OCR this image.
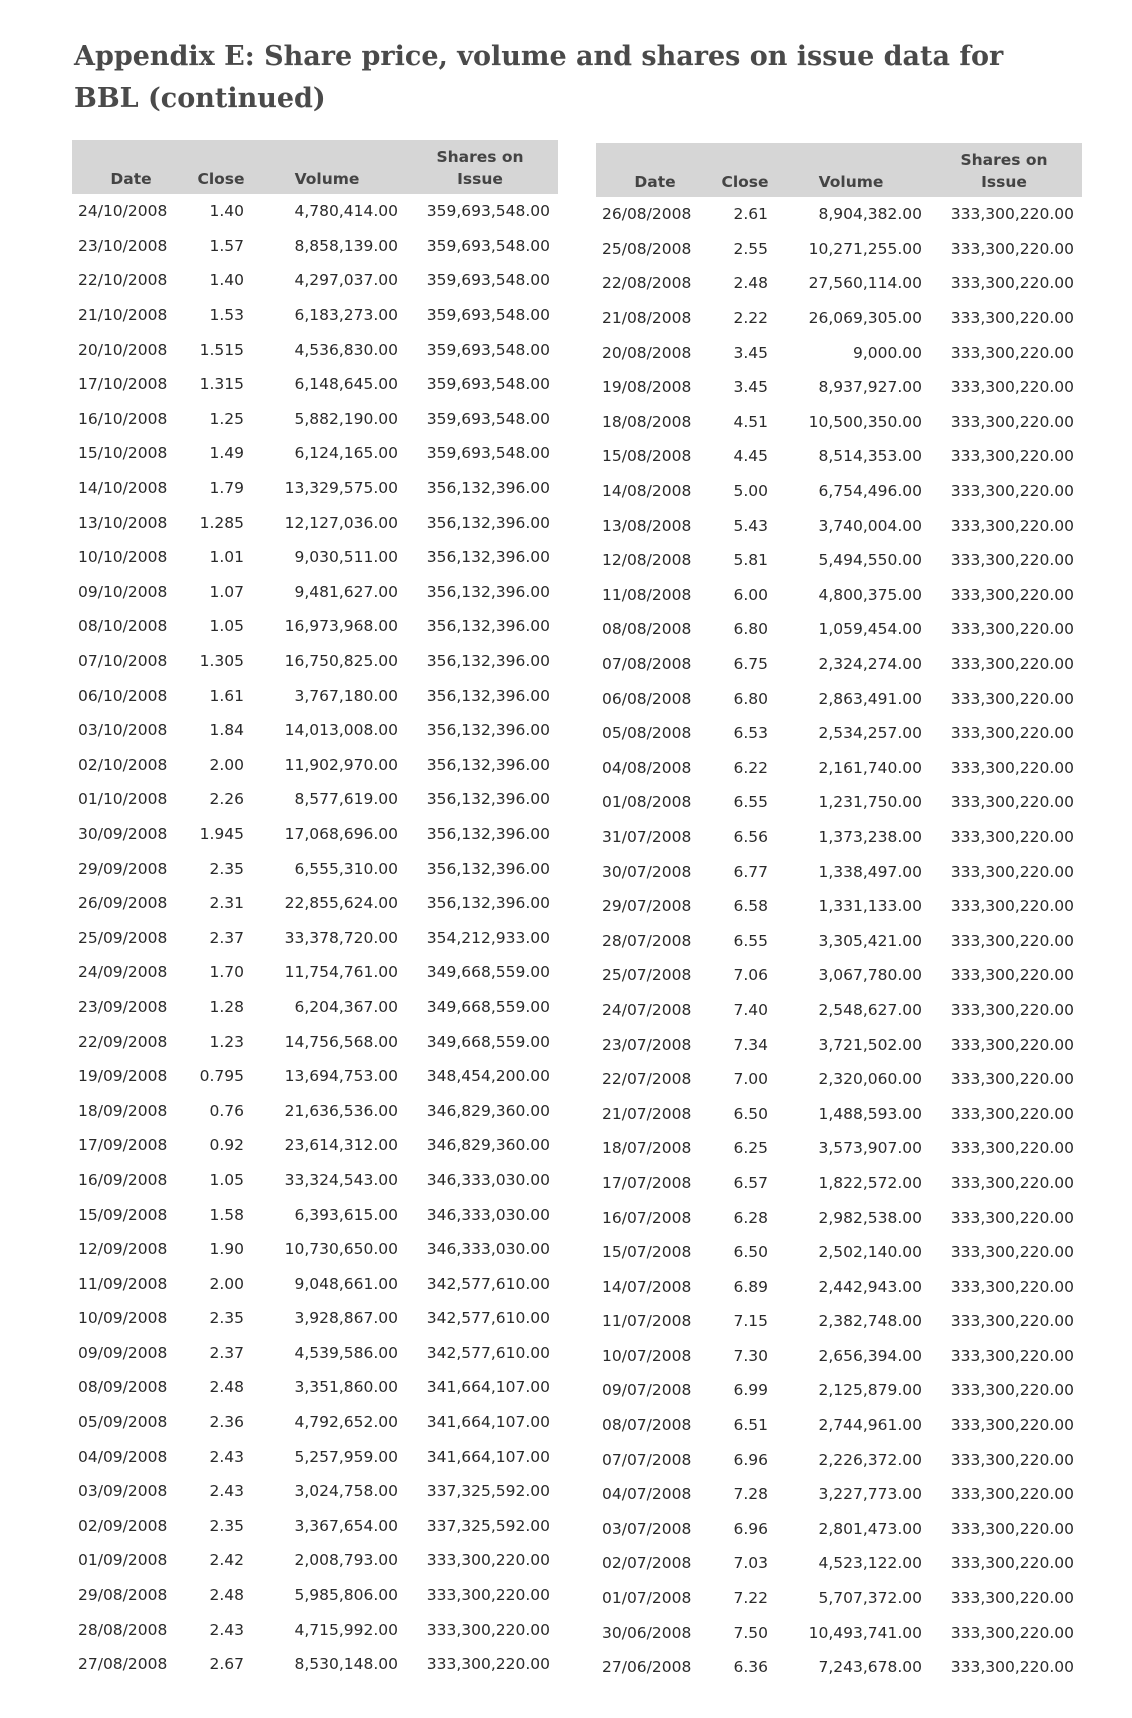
Appendix E: Share price, volume and shares on issue data for BBL (continued)
Date	Close	Volume	Shares on
Issue
24/10/2008	1.40	4,780,414.00	359,693,548.00
23/10/2008	1.57	8,858,139.00	359,693,548.00
22/10/2008	1.40	4,297,037.00	359,693,548.00
21/10/2008	1.53	6,183,273.00	359,693,548.00
20/10/2008	1.515	4,536,830.00	359,693,548.00
17/10/2008	1.315	6,148,645.00	359,693,548.00
16/10/2008	1.25	5,882,190.00	359,693,548.00
15/10/2008	1.49	6,124,165.00	359,693,548.00
14/10/2008	1.79	13,329,575.00	356,132,396.00
13/10/2008	1.285	12,127,036.00	356,132,396.00
10/10/2008	1.01	9,030,511.00	356,132,396.00
09/10/2008	1.07	9,481,627.00	356,132,396.00
08/10/2008	1.05	16,973,968.00	356,132,396.00
07/10/2008	1.305	16,750,825.00	356,132,396.00
06/10/2008	1.61	3,767,180.00	356,132,396.00
03/10/2008	1.84	14,013,008.00	356,132,396.00
02/10/2008	2.00	11,902,970.00	356,132,396.00
01/10/2008	2.26	8,577,619.00	356,132,396.00
30/09/2008	1.945	17,068,696.00	356,132,396.00
29/09/2008	2.35	6,555,310.00	356,132,396.00
26/09/2008	2.31	22,855,624.00	356,132,396.00
25/09/2008	2.37	33,378,720.00	354,212,933.00
24/09/2008	1.70	11,754,761.00	349,668,559.00
23/09/2008	1.28	6,204,367.00	349,668,559.00
22/09/2008	1.23	14,756,568.00	349,668,559.00
19/09/2008	0.795	13,694,753.00	348,454,200.00
18/09/2008	0.76	21,636,536.00	346,829,360.00
17/09/2008	0.92	23,614,312.00	346,829,360.00
16/09/2008	1.05	33,324,543.00	346,333,030.00
15/09/2008	1.58	6,393,615.00	346,333,030.00
12/09/2008	1.90	10,730,650.00	346,333,030.00
11/09/2008	2.00	9,048,661.00	342,577,610.00
10/09/2008	2.35	3,928,867.00	342,577,610.00
09/09/2008	2.37	4,539,586.00	342,577,610.00
08/09/2008	2.48	3,351,860.00	341,664,107.00
05/09/2008	2.36	4,792,652.00	341,664,107.00
04/09/2008	2.43	5,257,959.00	341,664,107.00
03/09/2008	2.43	3,024,758.00	337,325,592.00
02/09/2008	2.35	3,367,654.00	337,325,592.00
01/09/2008	2.42	2,008,793.00	333,300,220.00
29/08/2008	2.48	5,985,806.00	333,300,220.00
28/08/2008	2.43	4,715,992.00	333,300,220.00
27/08/2008	2.67	8,530,148.00	333,300,220.00
Date	Close	Volume	Shares on
Issue
26/08/2008	2.61	8,904,382.00	333,300,220.00
25/08/2008	2.55	10,271,255.00	333,300,220.00
22/08/2008	2.48	27,560,114.00	333,300,220.00
21/08/2008	2.22	26,069,305.00	333,300,220.00
20/08/2008	3.45	9,000.00	333,300,220.00
19/08/2008	3.45	8,937,927.00	333,300,220.00
18/08/2008	4.51	10,500,350.00	333,300,220.00
15/08/2008	4.45	8,514,353.00	333,300,220.00
14/08/2008	5.00	6,754,496.00	333,300,220.00
13/08/2008	5.43	3,740,004.00	333,300,220.00
12/08/2008	5.81	5,494,550.00	333,300,220.00
11/08/2008	6.00	4,800,375.00	333,300,220.00
08/08/2008	6.80	1,059,454.00	333,300,220.00
07/08/2008	6.75	2,324,274.00	333,300,220.00
06/08/2008	6.80	2,863,491.00	333,300,220.00
05/08/2008	6.53	2,534,257.00	333,300,220.00
04/08/2008	6.22	2,161,740.00	333,300,220.00
01/08/2008	6.55	1,231,750.00	333,300,220.00
31/07/2008	6.56	1,373,238.00	333,300,220.00
30/07/2008	6.77	1,338,497.00	333,300,220.00
29/07/2008	6.58	1,331,133.00	333,300,220.00
28/07/2008	6.55	3,305,421.00	333,300,220.00
25/07/2008	7.06	3,067,780.00	333,300,220.00
24/07/2008	7.40	2,548,627.00	333,300,220.00
23/07/2008	7.34	3,721,502.00	333,300,220.00
22/07/2008	7.00	2,320,060.00	333,300,220.00
21/07/2008	6.50	1,488,593.00	333,300,220.00
18/07/2008	6.25	3,573,907.00	333,300,220.00
17/07/2008	6.57	1,822,572.00	333,300,220.00
16/07/2008	6.28	2,982,538.00	333,300,220.00
15/07/2008	6.50	2,502,140.00	333,300,220.00
14/07/2008	6.89	2,442,943.00	333,300,220.00
11/07/2008	7.15	2,382,748.00	333,300,220.00
10/07/2008	7.30	2,656,394.00	333,300,220.00
09/07/2008	6.99	2,125,879.00	333,300,220.00
08/07/2008	6.51	2,744,961.00	333,300,220.00
07/07/2008	6.96	2,226,372.00	333,300,220.00
04/07/2008	7.28	3,227,773.00	333,300,220.00
03/07/2008	6.96	2,801,473.00	333,300,220.00
02/07/2008	7.03	4,523,122.00	333,300,220.00
01/07/2008	7.22	5,707,372.00	333,300,220.00
30/06/2008	7.50	10,493,741.00	333,300,220.00
27/06/2008	6.36	7,243,678.00	333,300,220.00
